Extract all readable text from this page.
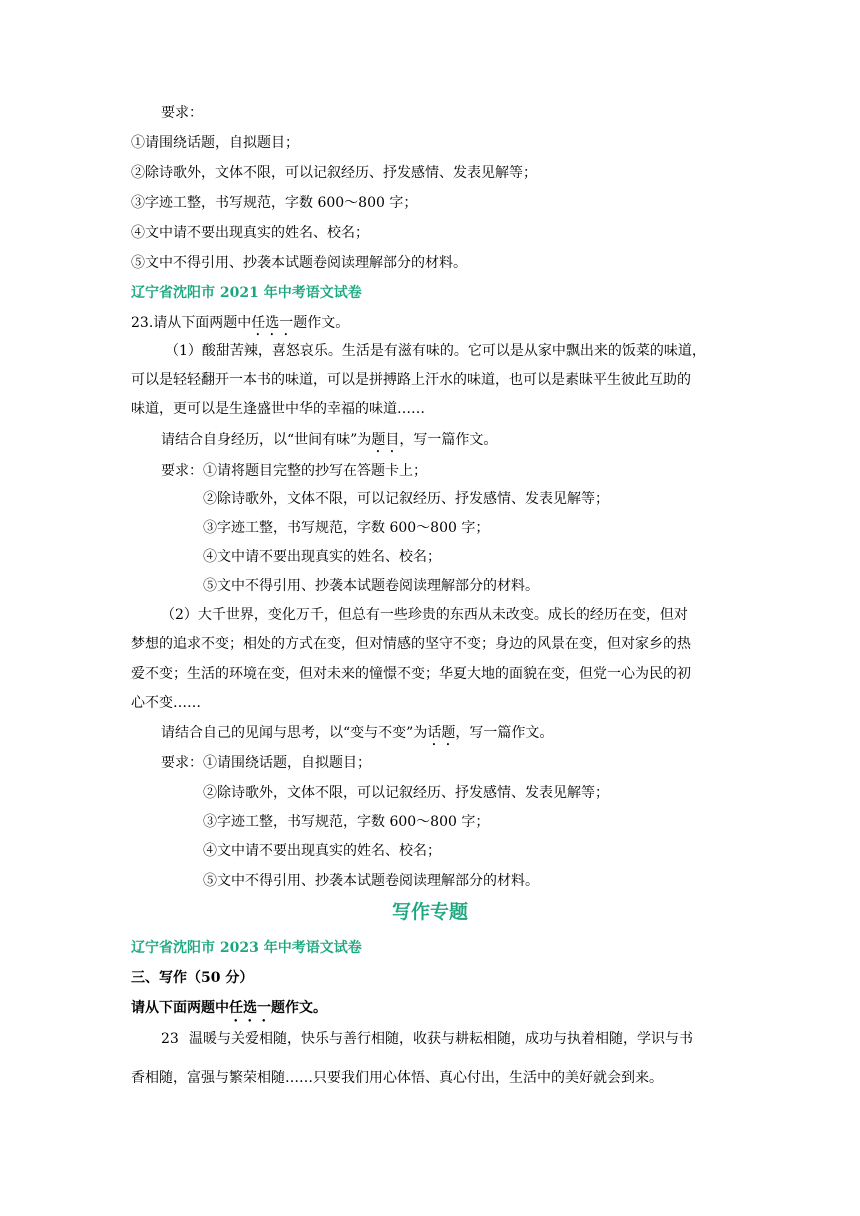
要求：
①请围绕话题，自拟题目；
②除诗歌外，文体不限，可以记叙经历、抒发感情、发表见解等；
③字迹工整，书写规范，字数 600～800 字；
④文中请不要出现真实的姓名、校名；
⑤文中不得引用、抄袭本试题卷阅读理解部分的材料。
辽宁省沈阳市 2021 年中考语文试卷
23.请从下面两题中任选一题作文。
（1）酸甜苦辣，喜怒哀乐。生活是有滋有味的。它可以是从家中飘出来的饭菜的味道，
可以是轻轻翻开一本书的味道，可以是拼搏路上汗水的味道，也可以是素昧平生彼此互助的
味道，更可以是生逢盛世中华的幸福的味道……
请结合自身经历，以“世间有味”为题目，写一篇作文。
要求： ①请将题目完整的抄写在答题卡上；
②除诗歌外，文体不限，可以记叙经历、抒发感情、发表见解等；
③字迹工整，书写规范，字数 600～800 字；
④文中请不要出现真实的姓名、校名；
⑤文中不得引用、抄袭本试题卷阅读理解部分的材料。
（2）大千世界，变化万千，但总有一些珍贵的东西从未改变。成长的经历在变，但对
梦想的追求不变；相处的方式在变，但对情感的坚守不变；身边的风景在变，但对家乡的热
爱不变；生活的环境在变，但对未来的憧憬不变；华夏大地的面貌在变，但党一心为民的初
心不变……
请结合自己的见闻与思考，以“变与不变”为话题，写一篇作文。
要求： ①请围绕话题，自拟题目；
②除诗歌外，文体不限，可以记叙经历、抒发感情、发表见解等；
③字迹工整，书写规范，字数 600～800 字；
④文中请不要出现真实的姓名、校名；
⑤文中不得引用、抄袭本试题卷阅读理解部分的材料。
写作专题
辽宁省沈阳市 2023 年中考语文试卷
三、写作（50 分）
请从下面两题中任选一题作文。
23 温暖与关爱相随，快乐与善行相随，收获与耕耘相随，成功与执着相随，学识与书
香相随，富强与繁荣相随……只要我们用心体悟、真心付出，生活中的美好就会到来。
